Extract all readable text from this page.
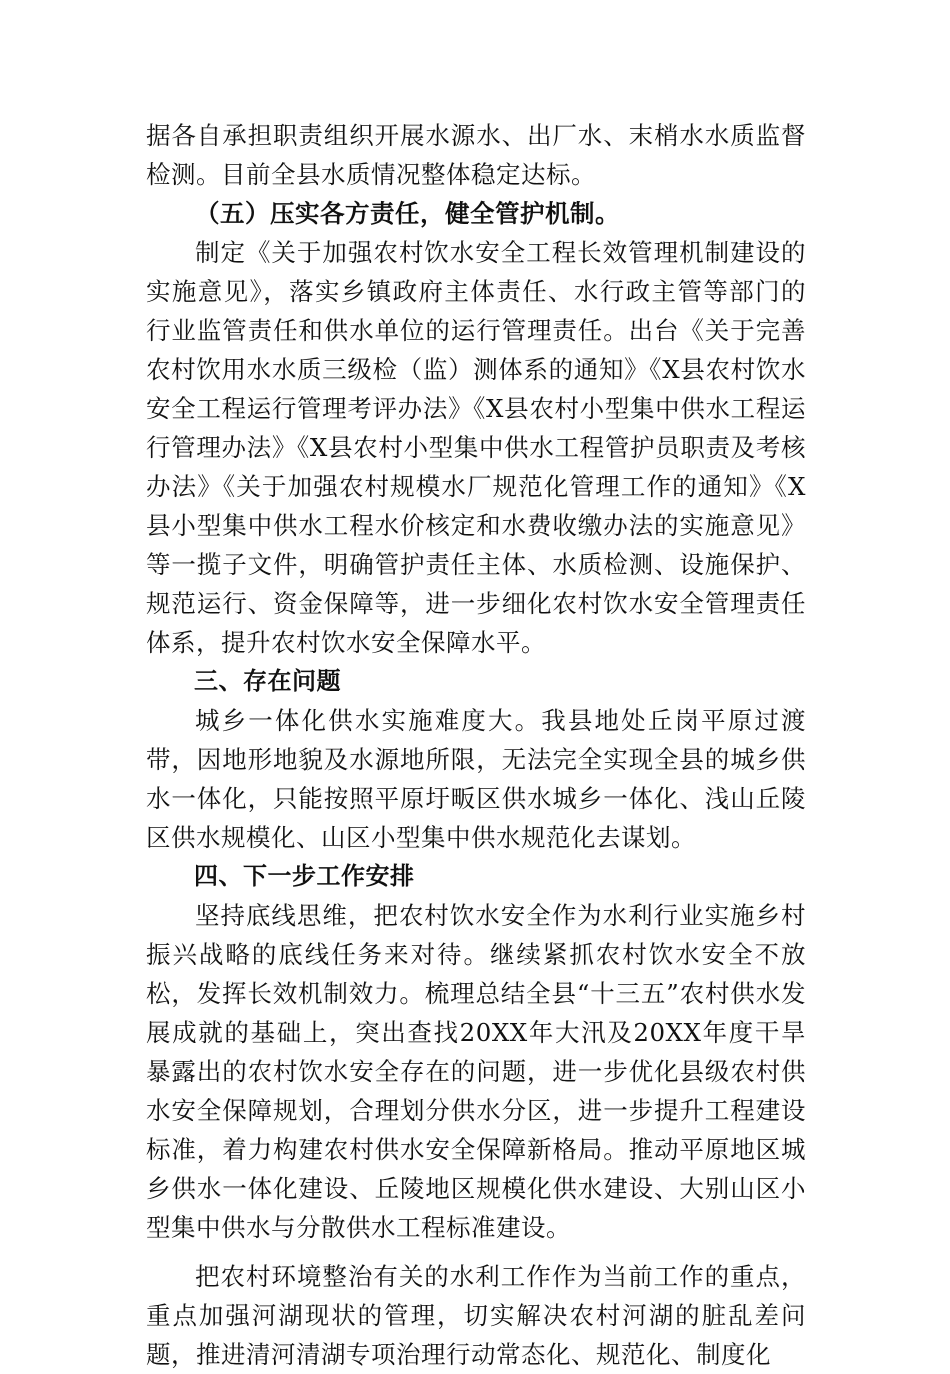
据各自承担职责组织开展水源水、出厂水、末梢水水质监督检测。目前全县水质情况整体稳定达标。

（五）压实各方责任，健全管护机制。

制定《关于加强农村饮水安全工程长效管理机制建设的实施意见》，落实乡镇政府主体责任、水行政主管等部门的行业监管责任和供水单位的运行管理责任。出台《关于完善农村饮用水水质三级检（监）测体系的通知》《X县农村饮水安全工程运行管理考评办法》《X县农村小型集中供水工程运行管理办法》《X县农村小型集中供水工程管护员职责及考核办法》《关于加强农村规模水厂规范化管理工作的通知》《X县小型集中供水工程水价核定和水费收缴办法的实施意见》等一揽子文件，明确管护责任主体、水质检测、设施保护、规范运行、资金保障等，进一步细化农村饮水安全管理责任体系，提升农村饮水安全保障水平。

三、存在问题

城乡一体化供水实施难度大。我县地处丘岗平原过渡带，因地形地貌及水源地所限，无法完全实现全县的城乡供水一体化，只能按照平原圩畈区供水城乡一体化、浅山丘陵区供水规模化、山区小型集中供水规范化去谋划。

四、下一步工作安排

坚持底线思维，把农村饮水安全作为水利行业实施乡村振兴战略的底线任务来对待。继续紧抓农村饮水安全不放松，发挥长效机制效力。梳理总结全县“十三五”农村供水发展成就的基础上，突出查找20XX年大汛及20XX年度干旱暴露出的农村饮水安全存在的问题，进一步优化县级农村供水安全保障规划，合理划分供水分区，进一步提升工程建设标准，着力构建农村供水安全保障新格局。推动平原地区城乡供水一体化建设、丘陵地区规模化供水建设、大别山区小型集中供水与分散供水工程标准建设。

把农村环境整治有关的水利工作作为当前工作的重点，重点加强河湖现状的管理，切实解决农村河湖的脏乱差问题，推进清河清湖专项治理行动常态化、规范化、制度化
